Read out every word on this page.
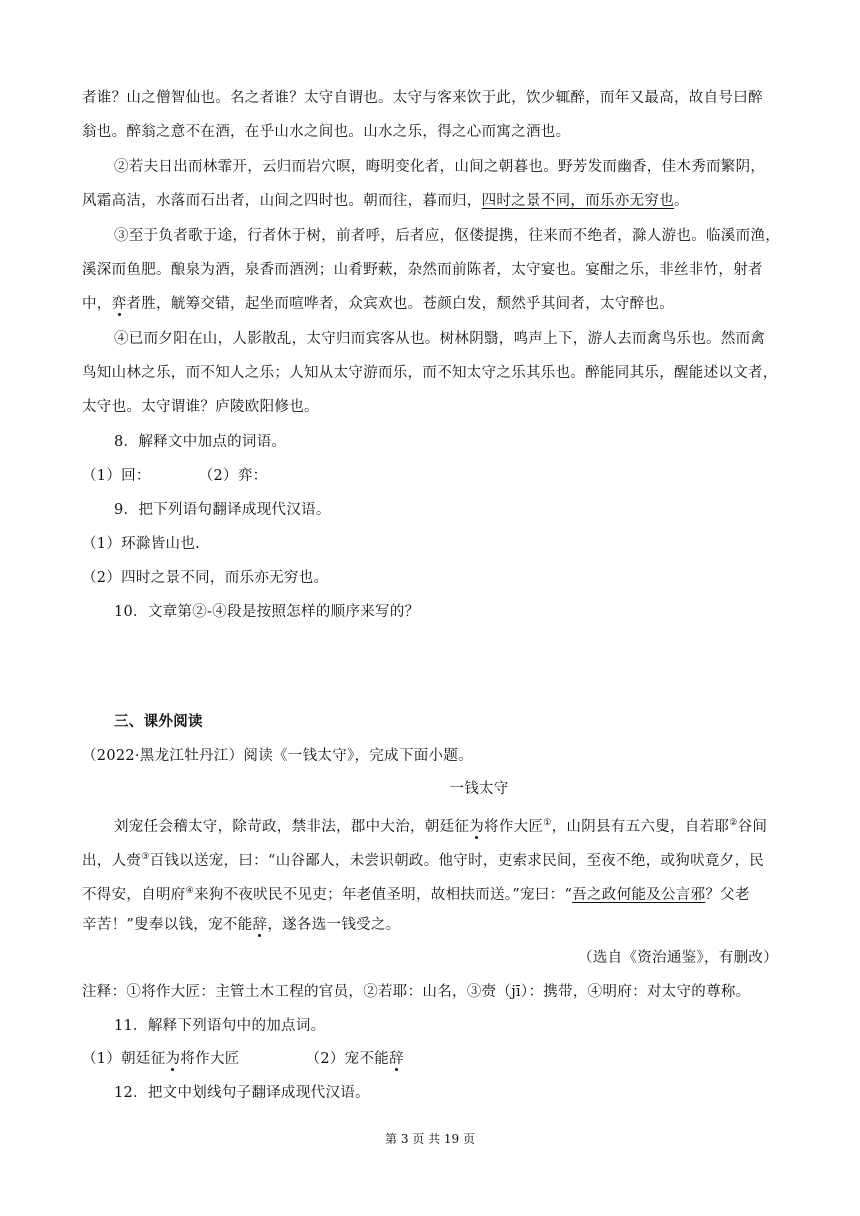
者谁？山之僧智仙也。名之者谁？太守自谓也。太守与客来饮于此，饮少辄醉，而年又最高，故自号曰醉
翁也。醉翁之意不在酒，在乎山水之间也。山水之乐，得之心而寓之酒也。
②若夫日出而林霏开，云归而岩穴暝，晦明变化者，山间之朝暮也。野芳发而幽香，佳木秀而繁阴，
风霜高洁，水落而石出者，山间之四时也。朝而往，暮而归，四时之景不同，而乐亦无穷也。
③至于负者歌于途，行者休于树，前者呼，后者应，伛偻提携，往来而不绝者，滁人游也。临溪而渔，
溪深而鱼肥。酿泉为酒，泉香而酒洌；山肴野蔌，杂然而前陈者，太守宴也。宴酣之乐，非丝非竹，射者
中，弈者胜，觥筹交错，起坐而喧哗者，众宾欢也。苍颜白发，颓然乎其间者，太守醉也。
④已而夕阳在山，人影散乱，太守归而宾客从也。树林阴翳，鸣声上下，游人去而禽鸟乐也。然而禽
鸟知山林之乐，而不知人之乐；人知从太守游而乐，而不知太守之乐其乐也。醉能同其乐，醒能述以文者，
太守也。太守谓谁？庐陵欧阳修也。
8．解释文中加点的词语。
（1）回：	（2）弈：
9．把下列语句翻译成现代汉语。
（1）环滁皆山也.
（2）四时之景不同，而乐亦无穷也。
10．文章第②-④段是按照怎样的顺序来写的？
三、课外阅读
（2022·黑龙江牡丹江）阅读《一钱太守》，完成下面小题。
一钱太守
刘宠任会稽太守，除苛政，禁非法，郡中大治，朝廷征为将作大匠①，山阴县有五六叟，自若耶②谷间
出，人赍③百钱以送宠，曰：“山谷鄙人，未尝识朝政。他守时，吏索求民间，至夜不绝，或狗吠竟夕，民
不得安，自明府④来狗不夜吠民不见吏；年老值圣明，故相扶而送。”宠曰：“吾之政何能及公言邪？父老
辛苦！”叟奉以钱，宠不能辞，遂各选一钱受之。
（选自《资治通鉴》，有删改）
注释：①将作大匠：主管土木工程的官员，②若耶：山名，③赍（jī）：携带，④明府：对太守的尊称。
11．解释下列语句中的加点词。
（1）朝廷征为将作大匠	（2）宠不能辞
12．把文中划线句子翻译成现代汉语。
第 3 页 共 19 页
